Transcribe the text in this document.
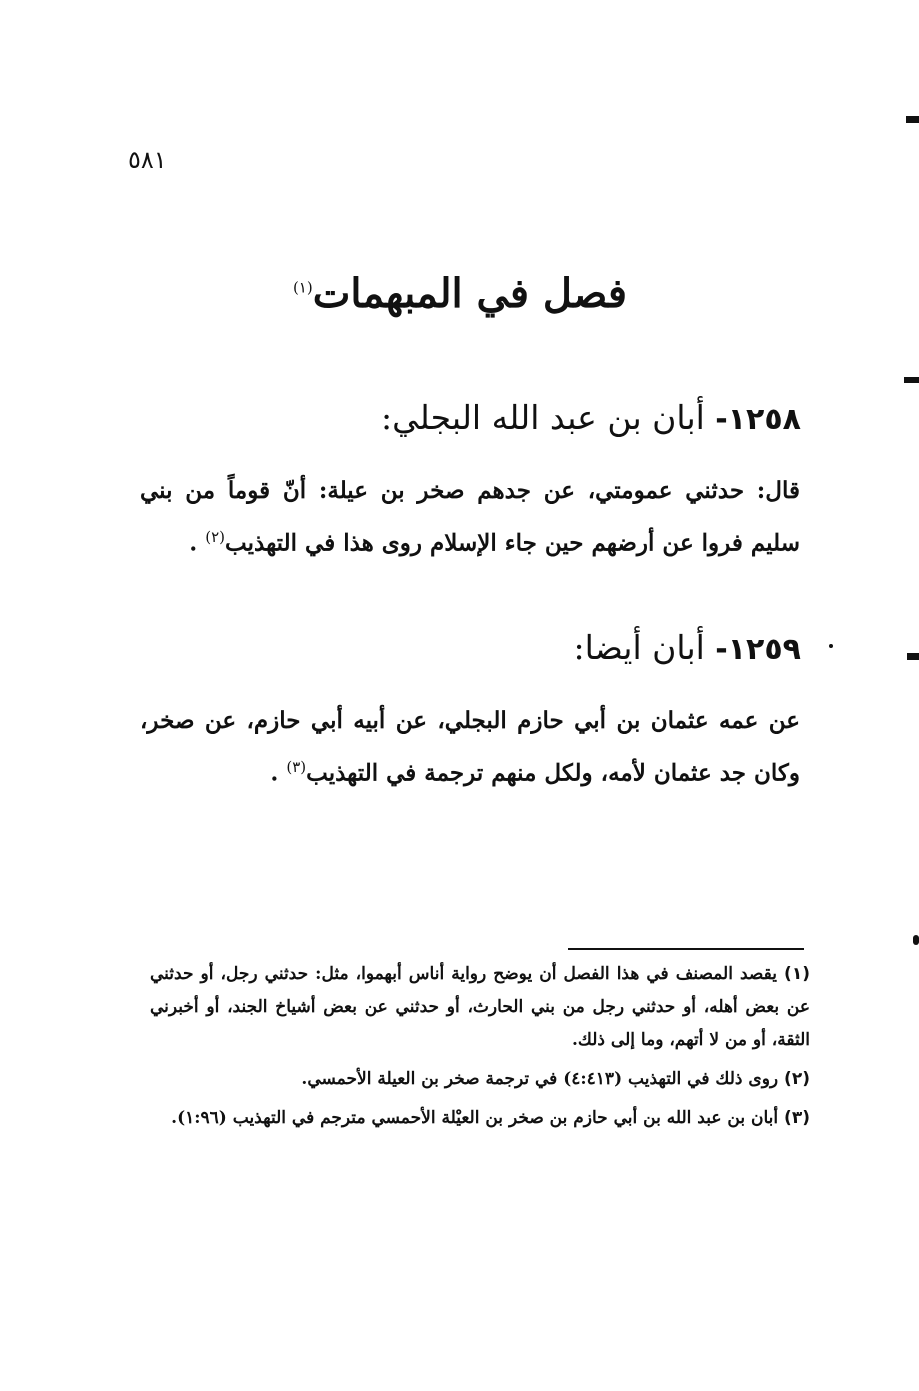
٥٨١
فصل في المبهمات$^{(١)}$
١٢٥٨- أبان بن عبد الله البجلي:
قال: حدثني عمومتي، عن جدهم صخر بن عيلة: أنّ قوماً من بني سليم فروا عن أرضهم حين جاء الإسلام روى هذا في التهذيب$^{(٢)}$ .
١٢٥٩- أبان أيضا:
عن عمه عثمان بن أبي حازم البجلي، عن أبيه أبي حازم، عن صخر، وكان جد عثمان لأمه، ولكل منهم ترجمة في التهذيب$^{(٣)}$ .

(١) يقصد المصنف في هذا الفصل أن يوضح رواية أناس أبهموا، مثل: حدثني رجل، أو حدثني عن بعض أهله، أو حدثني رجل من بني الحارث، أو حدثني عن بعض أشياخ الجند، أو أخبرني الثقة، أو من لا أتهم، وما إلى ذلك.

(٢) روى ذلك في التهذيب (٤:٤١٣) في ترجمة صخر بن العيلة الأحمسي.

(٣) أبان بن عبد الله بن أبي حازم بن صخر بن العيْلة الأحمسي مترجم في التهذيب (١:٩٦).
